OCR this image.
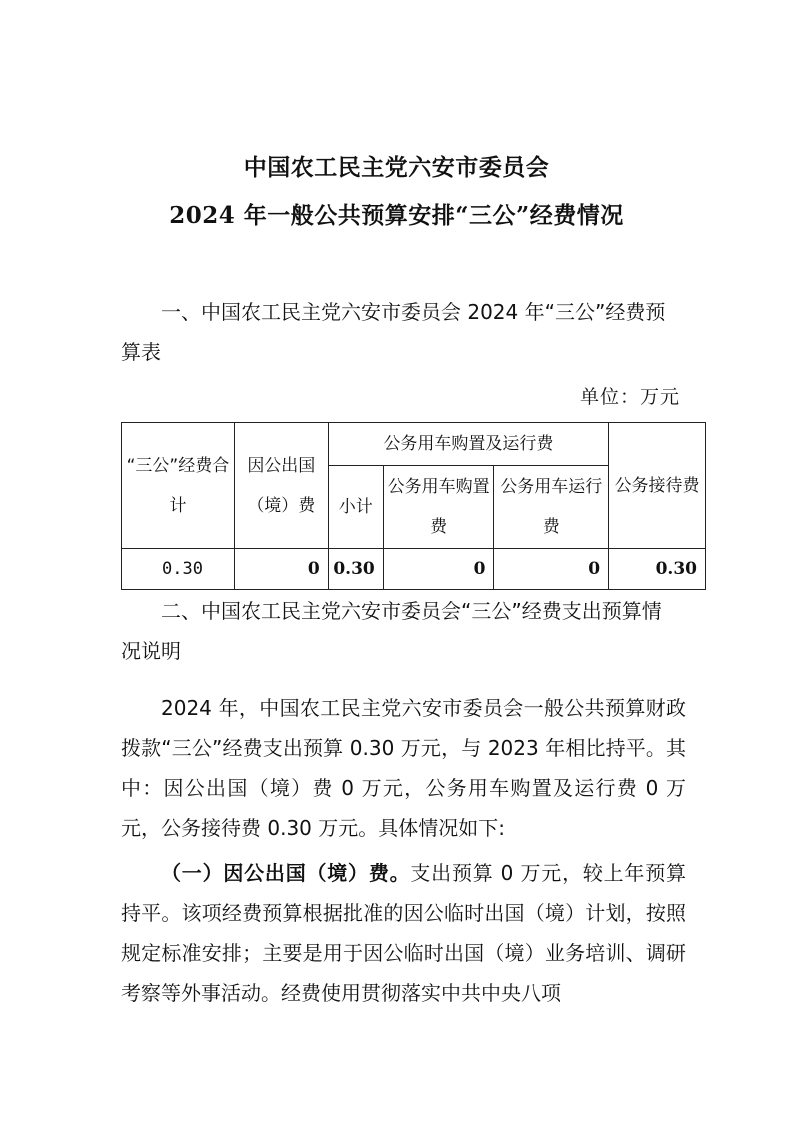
中国农工民主党六安市委员会
2024 年一般公共预算安排“三公”经费情况
一、中国农工民主党六安市委员会 2024 年“三公”经费预算表
单位：万元
“三公”经费合计	因公出国（境）费	公务用车购置及运行费			公务接待费
		小计	公务用车购置费	公务用车运行费	
0.30	0	0.30	0	0	0.30
二、中国农工民主党六安市委员会“三公”经费支出预算情况说明
2024 年，中国农工民主党六安市委员会一般公共预算财政拨款“三公”经费支出预算 0.30 万元，与 2023 年相比持平。其中：因公出国（境）费 0 万元，公务用车购置及运行费 0 万元，公务接待费 0.30 万元。具体情况如下:
（一）因公出国（境）费。支出预算 0 万元，较上年预算持平。该项经费预算根据批准的因公临时出国（境）计划，按照规定标准安排；主要是用于因公临时出国（境）业务培训、调研考察等外事活动。经费使用贯彻落实中共中央八项
